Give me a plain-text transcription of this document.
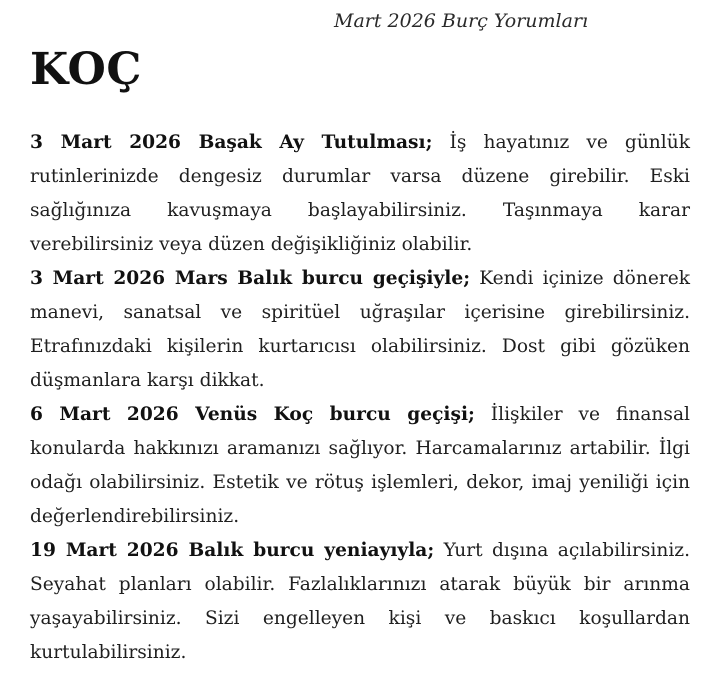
Mart 2026 Burç Yorumları
KOÇ

3 Mart 2026 Başak Ay Tutulması; İş hayatınız ve günlük rutinlerinizde dengesiz durumlar varsa düzene girebilir. Eski sağlığınıza kavuşmaya başlayabilirsiniz. Taşınmaya karar verebilirsiniz veya düzen değişikliğiniz olabilir.

3 Mart 2026 Mars Balık burcu geçişiyle; Kendi içinize dönerek manevi, sanatsal ve spiritüel uğraşılar içerisine girebilirsiniz. Etrafınızdaki kişilerin kurtarıcısı olabilirsiniz. Dost gibi gözüken düşmanlara karşı dikkat.

6 Mart 2026 Venüs Koç burcu geçişi; İlişkiler ve finansal konularda hakkınızı aramanızı sağlıyor. Harcamalarınız artabilir. İlgi odağı olabilirsiniz. Estetik ve rötuş işlemleri, dekor, imaj yeniliği için değerlendirebilirsiniz.

19 Mart 2026 Balık burcu yeniayıyla; Yurt dışına açılabilirsiniz. Seyahat planları olabilir. Fazlalıklarınızı atarak büyük bir arınma yaşayabilirsiniz. Sizi engelleyen kişi ve baskıcı koşullardan kurtulabilirsiniz.
